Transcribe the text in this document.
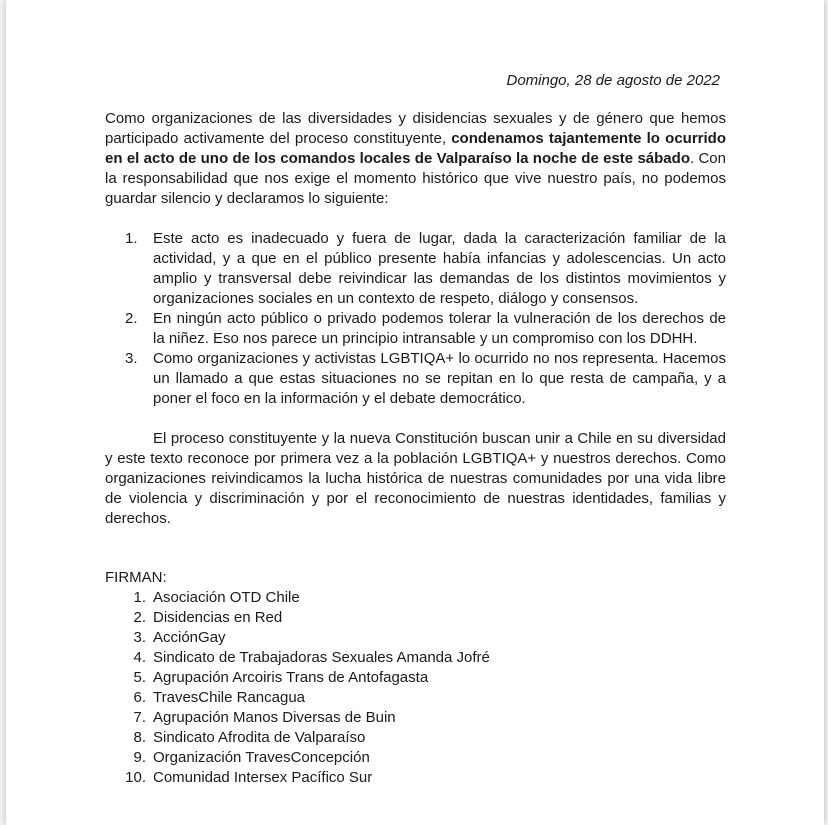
Domingo, 28 de agosto de 2022

Como organizaciones de las diversidades y disidencias sexuales y de género que hemos participado activamente del proceso constituyente, condenamos tajantemente lo ocurrido en el acto de uno de los comandos locales de Valparaíso la noche de este sábado. Con la responsabilidad que nos exige el momento histórico que vive nuestro país, no podemos guardar silencio y declaramos lo siguiente:

1. Este acto es inadecuado y fuera de lugar, dada la caracterización familiar de la actividad, y a que en el público presente había infancias y adolescencias. Un acto amplio y transversal debe reivindicar las demandas de los distintos movimientos y organizaciones sociales en un contexto de respeto, diálogo y consensos.
2. En ningún acto público o privado podemos tolerar la vulneración de los derechos de la niñez. Eso nos parece un principio intransable y un compromiso con los DDHH.
3. Como organizaciones y activistas LGBTIQA+ lo ocurrido no nos representa. Hacemos un llamado a que estas situaciones no se repitan en lo que resta de campaña, y a poner el foco en la información y el debate democrático.

El proceso constituyente y la nueva Constitución buscan unir a Chile en su diversidad y este texto reconoce por primera vez a la población LGBTIQA+ y nuestros derechos. Como organizaciones reivindicamos la lucha histórica de nuestras comunidades por una vida libre de violencia y discriminación y por el reconocimiento de nuestras identidades, familias y derechos.

FIRMAN:

1. Asociación OTD Chile
2. Disidencias en Red
3. AcciónGay
4. Sindicato de Trabajadoras Sexuales Amanda Jofré
5. Agrupación Arcoiris Trans de Antofagasta
6. TravesChile Rancagua
7. Agrupación Manos Diversas de Buin
8. Sindicato Afrodita de Valparaíso
9. Organización TravesConcepción
10. Comunidad Intersex Pacífico Sur
